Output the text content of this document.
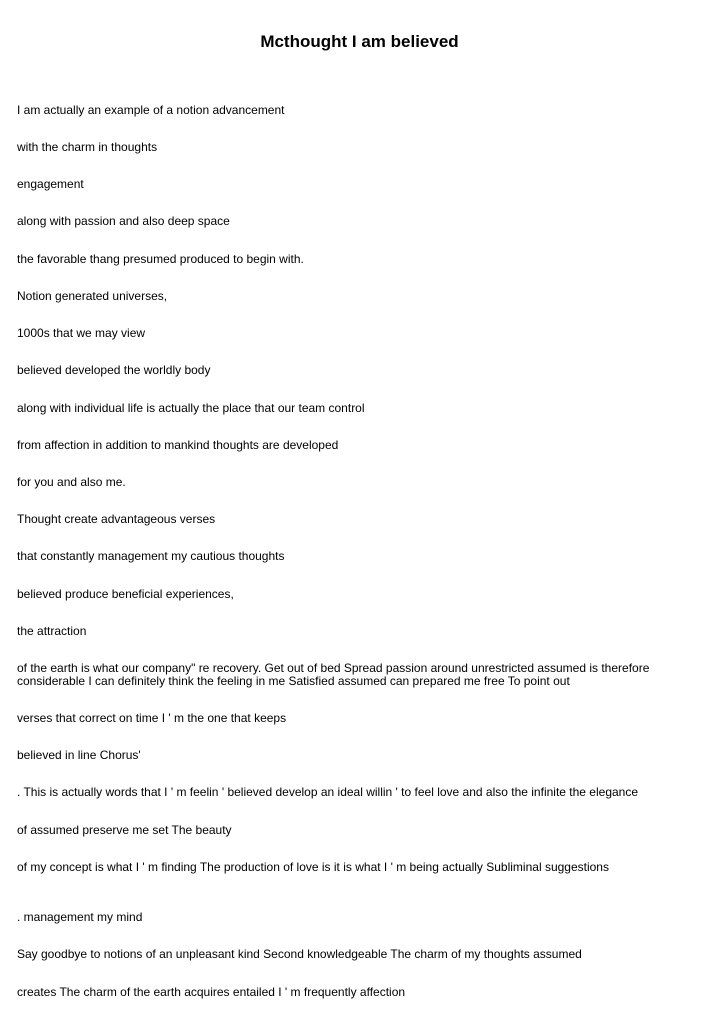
Mcthought I am believed

I am actually an example of a notion advancement

with the charm in thoughts

engagement

along with passion and also deep space

the favorable thang presumed produced to begin with.

Notion generated universes,

1000s that we may view

believed developed the worldly body

along with individual life is actually the place that our team control

from affection in addition to mankind thoughts are developed

for you and also me.

Thought create advantageous verses

that constantly management my cautious thoughts

believed produce beneficial experiences,

the attraction

of the earth is what our company" re recovery. Get out of bed Spread passion around unrestricted assumed is therefore considerable I can definitely think the feeling in me Satisfied assumed can prepared me free To point out

verses that correct on time I ' m the one that keeps

believed in line Chorus'

. This is actually words that I ' m feelin ' believed develop an ideal willin ' to feel love and also the infinite the elegance

of assumed preserve me set The beauty

of my concept is what I ' m finding The production of love is it is what I ' m being actually Subliminal suggestions

. management my mind

Say goodbye to notions of an unpleasant kind Second knowledgeable The charm of my thoughts assumed

creates The charm of the earth acquires entailed I ' m frequently affection
